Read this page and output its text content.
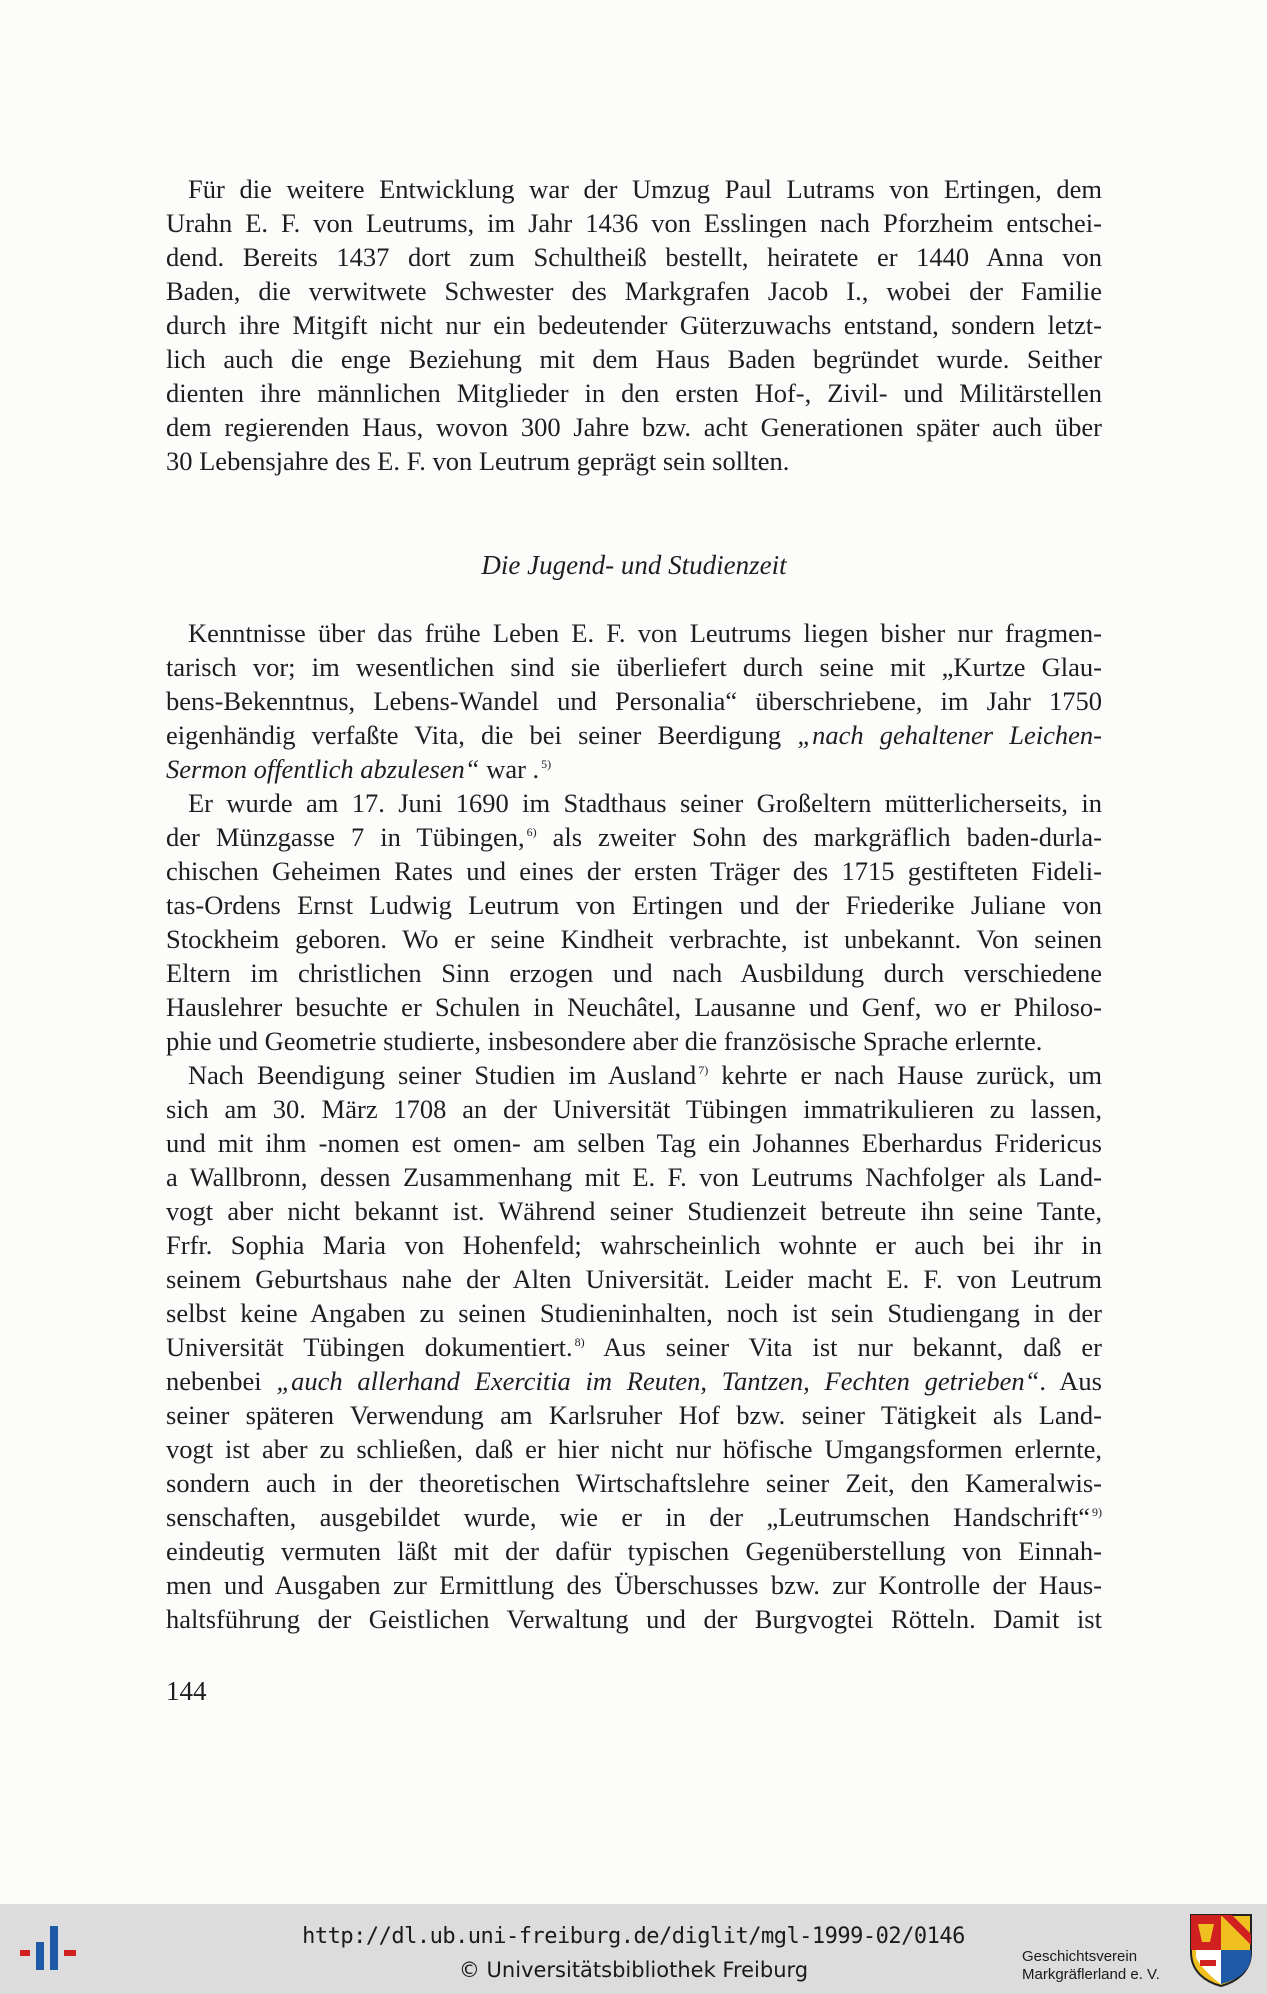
Für die weitere Entwicklung war der Umzug Paul Lutrams von Ertingen, dem
Urahn E. F. von Leutrums, im Jahr 1436 von Esslingen nach Pforzheim entschei-
dend. Bereits 1437 dort zum Schultheiß bestellt, heiratete er 1440 Anna von
Baden, die verwitwete Schwester des Markgrafen Jacob I., wobei der Familie
durch ihre Mitgift nicht nur ein bedeutender Güterzuwachs entstand, sondern letzt-
lich auch die enge Beziehung mit dem Haus Baden begründet wurde. Seither
dienten ihre männlichen Mitglieder in den ersten Hof-, Zivil- und Militärstellen
dem regierenden Haus, wovon 300 Jahre bzw. acht Generationen später auch über
30 Lebensjahre des E. F. von Leutrum geprägt sein sollten.
Die Jugend- und Studienzeit
Kenntnisse über das frühe Leben E. F. von Leutrums liegen bisher nur fragmen-
tarisch vor; im wesentlichen sind sie überliefert durch seine mit „Kurtze Glau-
bens-Bekenntnus, Lebens-Wandel und Personalia“ überschriebene, im Jahr 1750
eigenhändig verfaßte Vita, die bei seiner Beerdigung „nach gehaltener Leichen-
Sermon offentlich abzulesen“ war . $^{5)}$
Er wurde am 17. Juni 1690 im Stadthaus seiner Großeltern mütterlicherseits, in
der Münzgasse 7 in Tübingen, $^{6)}$ als zweiter Sohn des markgräflich baden-durla-
chischen Geheimen Rates und eines der ersten Träger des 1715 gestifteten Fideli-
tas-Ordens Ernst Ludwig Leutrum von Ertingen und der Friederike Juliane von
Stockheim geboren. Wo er seine Kindheit verbrachte, ist unbekannt. Von seinen
Eltern im christlichen Sinn erzogen und nach Ausbildung durch verschiedene
Hauslehrer besuchte er Schulen in Neuchâtel, Lausanne und Genf, wo er Philoso-
phie und Geometrie studierte, insbesondere aber die französische Sprache erlernte.
Nach Beendigung seiner Studien im Ausland $^{7)}$ kehrte er nach Hause zurück, um
sich am 30. März 1708 an der Universität Tübingen immatrikulieren zu lassen,
und mit ihm -nomen est omen- am selben Tag ein Johannes Eberhardus Fridericus
a Wallbronn, dessen Zusammenhang mit E. F. von Leutrums Nachfolger als Land-
vogt aber nicht bekannt ist. Während seiner Studienzeit betreute ihn seine Tante,
Frfr. Sophia Maria von Hohenfeld; wahrscheinlich wohnte er auch bei ihr in
seinem Geburtshaus nahe der Alten Universität. Leider macht E. F. von Leutrum
selbst keine Angaben zu seinen Studieninhalten, noch ist sein Studiengang in der
Universität Tübingen dokumentiert. $^{8)}$ Aus seiner Vita ist nur bekannt, daß er
nebenbei „auch allerhand Exercitia im Reuten, Tantzen, Fechten getrieben“. Aus
seiner späteren Verwendung am Karlsruher Hof bzw. seiner Tätigkeit als Land-
vogt ist aber zu schließen, daß er hier nicht nur höfische Umgangsformen erlernte,
sondern auch in der theoretischen Wirtschaftslehre seiner Zeit, den Kameralwis-
senschaften, ausgebildet wurde, wie er in der „Leutrumschen Handschrift“ $^{9)}$
eindeutig vermuten läßt mit der dafür typischen Gegenüberstellung von Einnah-
men und Ausgaben zur Ermittlung des Überschusses bzw. zur Kontrolle der Haus-
haltsführung der Geistlichen Verwaltung und der Burgvogtei Rötteln. Damit ist
144
http://dl.ub.uni-freiburg.de/diglit/mgl-1999-02/0146
© Universitätsbibliothek Freiburg
Geschichtsverein
Markgräflerland e. V.
